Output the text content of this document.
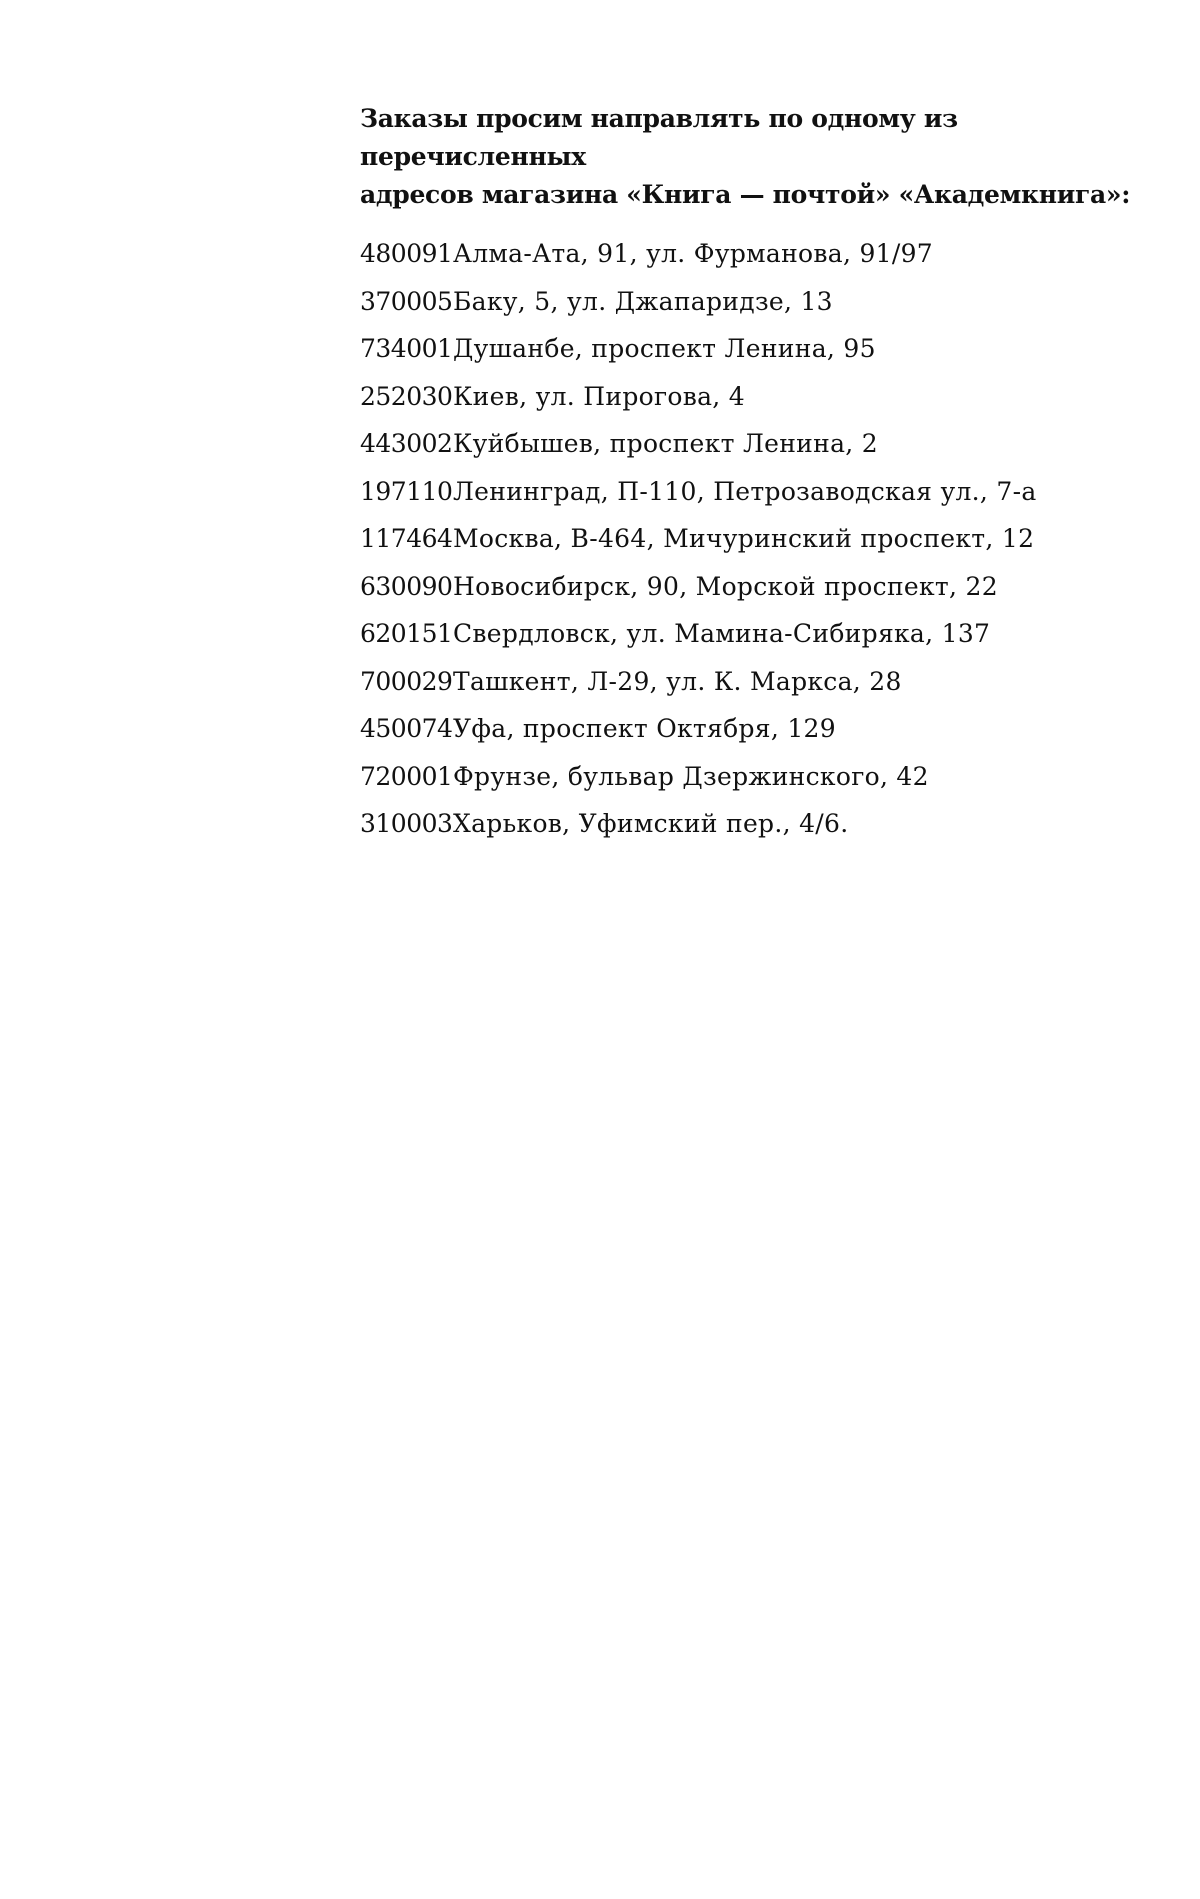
Заказы просим направлять по одному из перечисленных
адресов магазина «Книга — почтой» «Академкнига»:

480091 Алма-Ата, 91, ул. Фурманова, 91/97
370005 Баку, 5, ул. Джапаридзе, 13
734001 Душанбе, проспект Ленина, 95
252030 Киев, ул. Пирогова, 4
443002 Куйбышев, проспект Ленина, 2
197110 Ленинград, П-110, Петрозаводская ул., 7-а
117464 Москва, В-464, Мичуринский проспект, 12
630090 Новосибирск, 90, Морской проспект, 22
620151 Свердловск, ул. Мамина-Сибиряка, 137
700029 Ташкент, Л-29, ул. К. Маркса, 28
450074 Уфа, проспект Октября, 129
720001 Фрунзе, бульвар Дзержинского, 42
310003 Харьков, Уфимский пер., 4/6.
